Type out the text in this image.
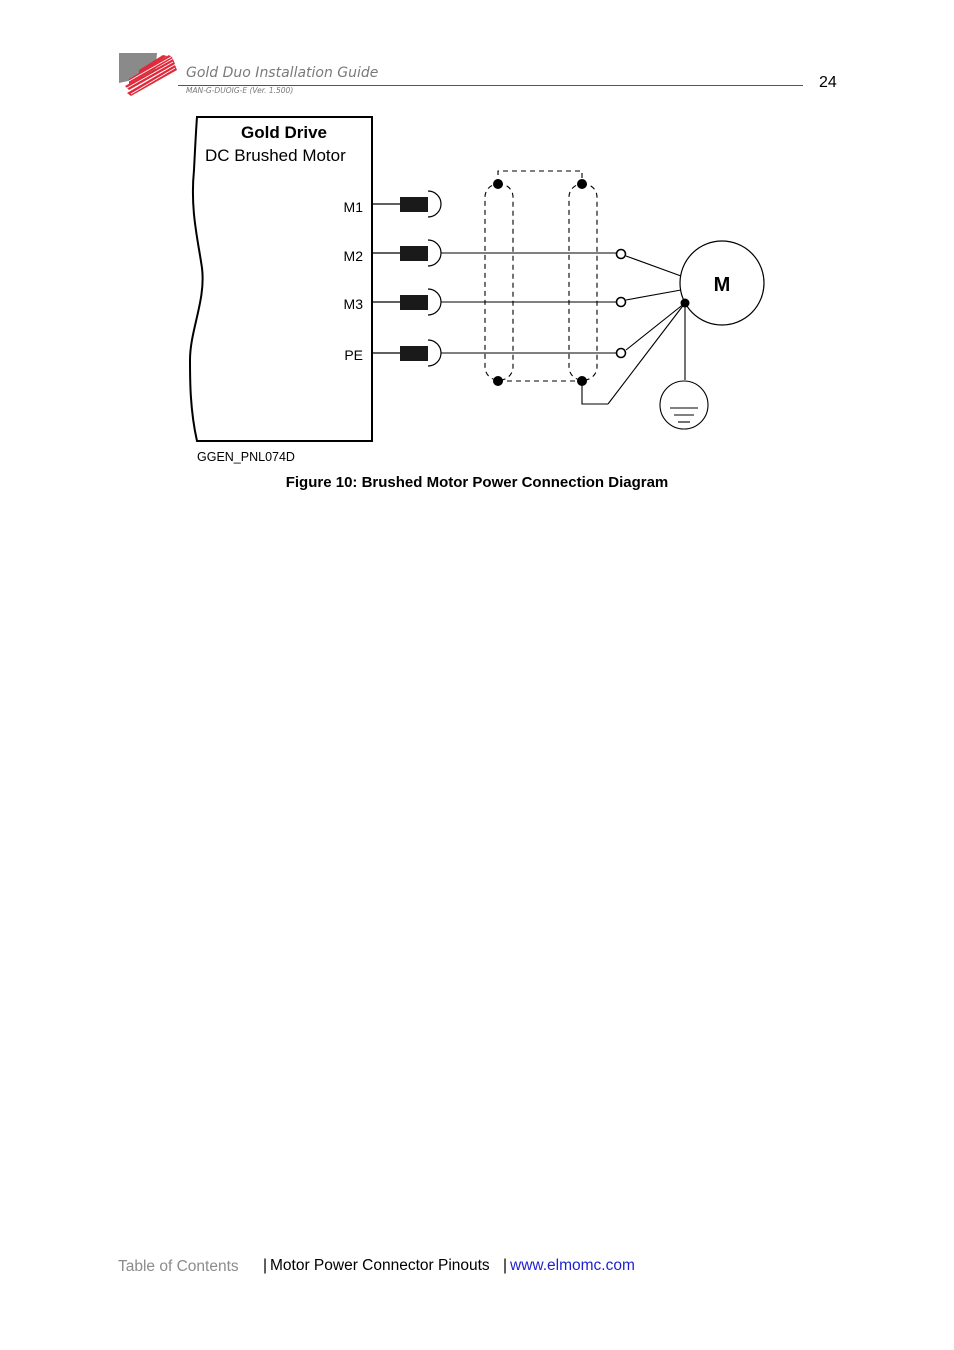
Gold Duo Installation Guide
MAN-G-DUOIG-E (Ver. 1.500)	24
Gold Drive
DC Brushed Motor
M1
M2
M3
PE
M
GGEN_PNL074D
Figure 10: Brushed Motor Power Connection Diagram
Table of Contents | Motor Power Connector Pinouts | www.elmomc.com
